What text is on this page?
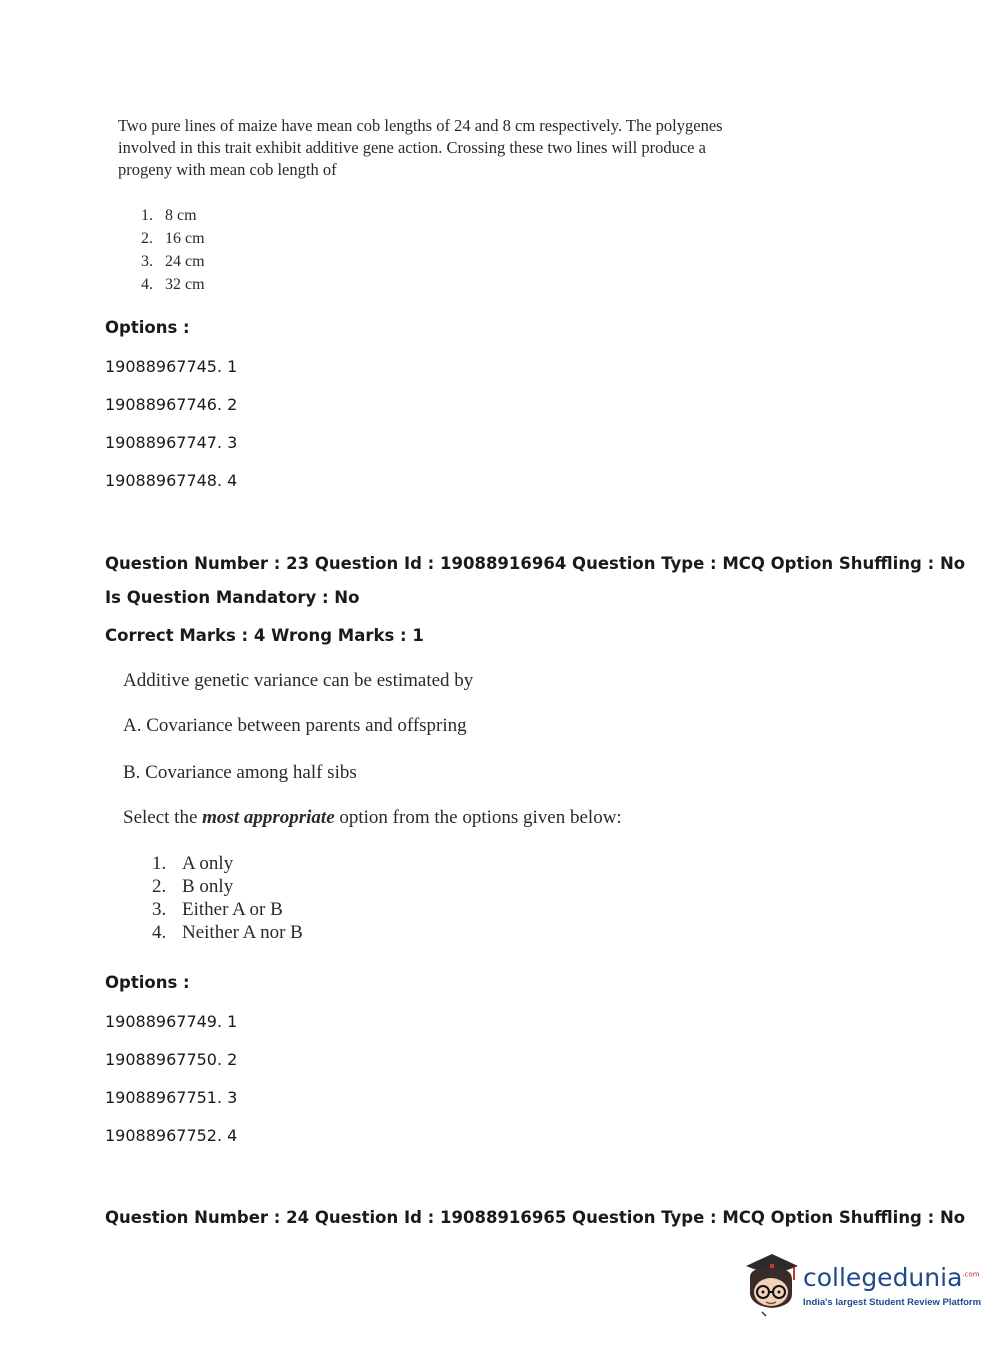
Two pure lines of maize have mean cob lengths of 24 and 8 cm respectively. The polygenes
involved in this trait exhibit additive gene action. Crossing these two lines will produce a
progeny with mean cob length of
1. 8 cm
2. 16 cm
3. 24 cm
4. 32 cm
Options :
19088967745. 1
19088967746. 2
19088967747. 3
19088967748. 4
Question Number : 23 Question Id : 19088916964 Question Type : MCQ Option Shuffling : No
Is Question Mandatory : No
Correct Marks : 4 Wrong Marks : 1
Additive genetic variance can be estimated by
A. Covariance between parents and offspring
B. Covariance among half sibs
Select the most appropriate option from the options given below:
1. A only
2. B only
3. Either A or B
4. Neither A nor B
Options :
19088967749. 1
19088967750. 2
19088967751. 3
19088967752. 4
Question Number : 24 Question Id : 19088916965 Question Type : MCQ Option Shuffling : No
collegedunia$^{.com}$
India's largest Student Review Platform
